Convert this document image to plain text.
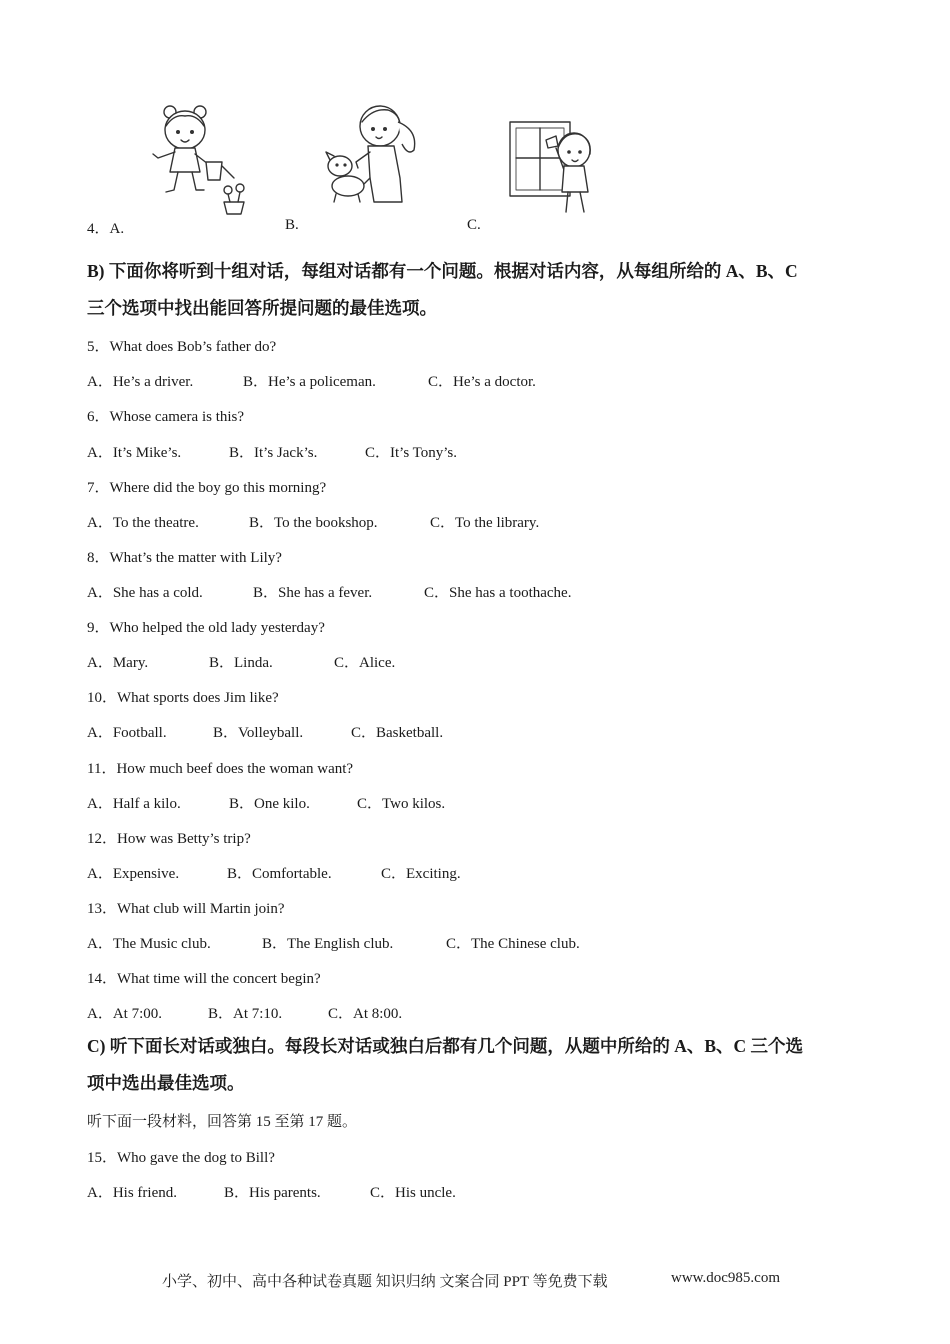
4．A.	B.	C.
B) 下面你将听到十组对话，每组对话都有一个问题。根据对话内容，从每组所给的 A、B、C
三个选项中找出能回答所提问题的最佳选项。
5．What does Bob’s father do?
A．He’s a driver.	B．He’s a policeman.	C．He’s a doctor.
6．Whose camera is this?
A．It’s Mike’s.	B．It’s Jack’s.	C．It’s Tony’s.
7．Where did the boy go this morning?
A．To the theatre.	B．To the bookshop.	C．To the library.
8．What’s the matter with Lily?
A．She has a cold.	B．She has a fever.	C．She has a toothache.
9．Who helped the old lady yesterday?
A．Mary.	B．Linda.	C．Alice.
10．What sports does Jim like?
A．Football.	B．Volleyball.	C．Basketball.
11．How much beef does the woman want?
A．Half a kilo.	B．One kilo.	C．Two kilos.
12．How was Betty’s trip?
A．Expensive.	B．Comfortable.	C．Exciting.
13．What club will Martin join?
A．The Music club.	B．The English club.	C．The Chinese club.
14．What time will the concert begin?
A．At 7:00.	B．At 7:10.	C．At 8:00.
C) 听下面长对话或独白。每段长对话或独白后都有几个问题，从题中所给的 A、B、C 三个选
项中选出最佳选项。
听下面一段材料，回答第 15 至第 17 题。
15．Who gave the dog to Bill?
A．His friend.	B．His parents.	C．His uncle.
小学、初中、高中各种试卷真题 知识归纳 文案合同 PPT 等免费下载	www.doc985.com
